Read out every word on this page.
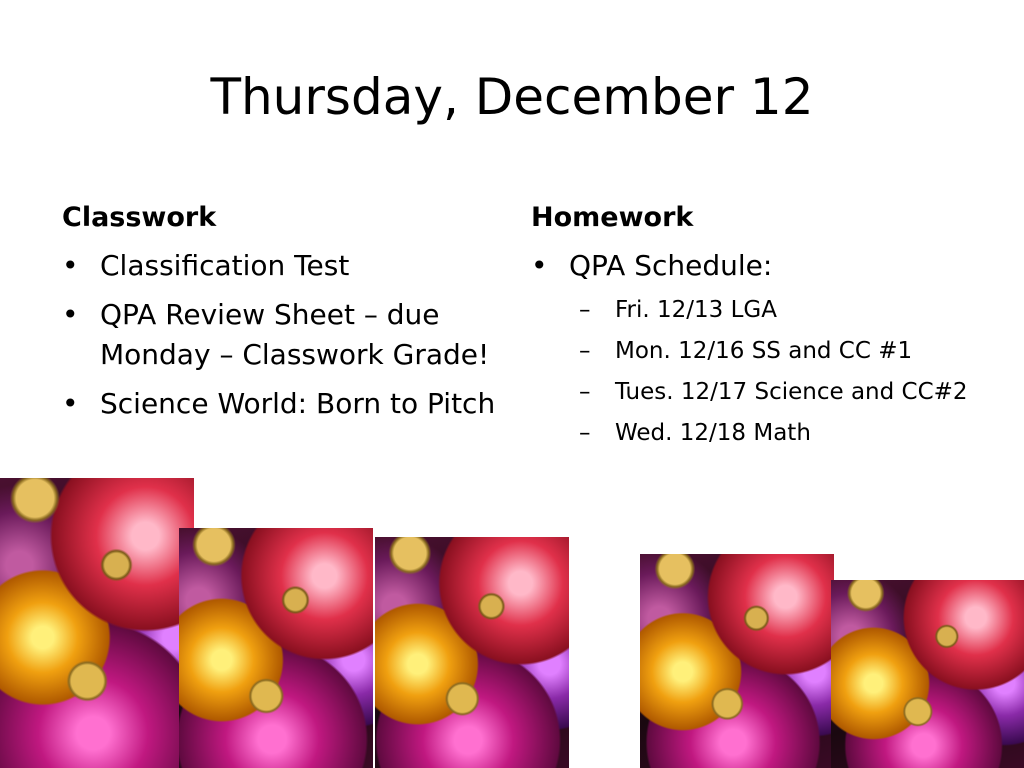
Thursday, December 12
Classwork
• Classification Test
• QPA Review Sheet – due
Monday – Classwork Grade!
• Science World: Born to Pitch
Homework
• QPA Schedule:
– Fri. 12/13 LGA
– Mon. 12/16 SS and CC #1
– Tues. 12/17 Science and CC#2
– Wed. 12/18 Math
